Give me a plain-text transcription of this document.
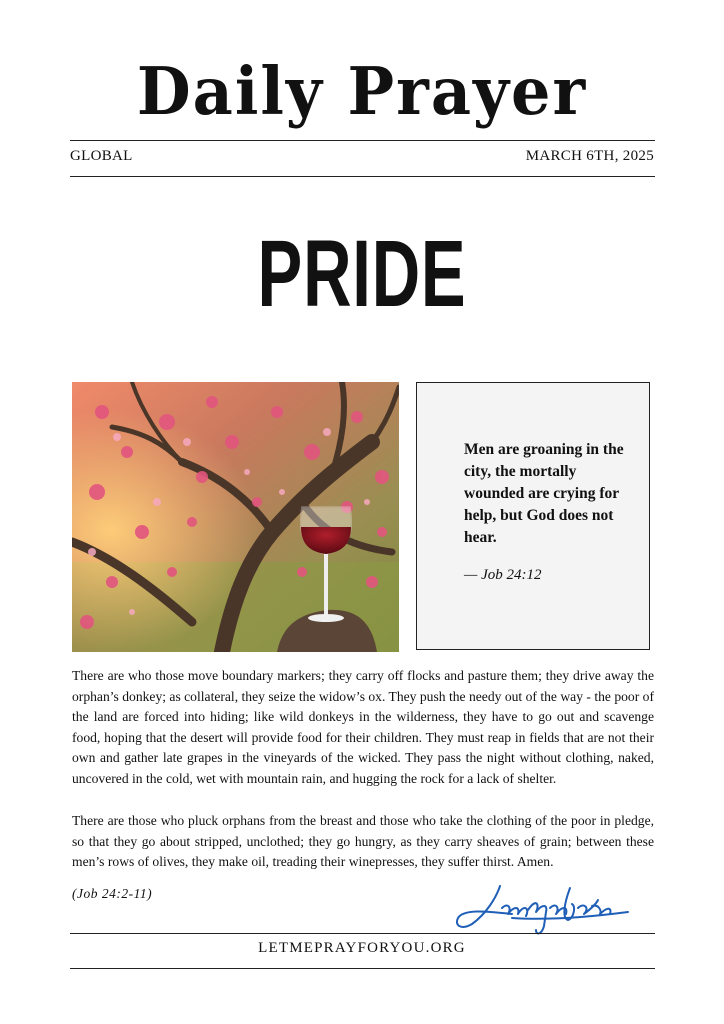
Daily Prayer
GLOBAL	MARCH 6TH, 2025
PRIDE
Men are groaning in the city, the mortally wounded are crying for help, but God does not hear.
— Job 24:12

There are who those move boundary markers; they carry off flocks and pasture them; they drive away the orphan’s donkey; as collateral, they seize the widow’s ox. They push the needy out of the way - the poor of the land are forced into hiding; like wild donkeys in the wilderness, they have to go out and scavenge food, hoping that the desert will provide food for their children. They must reap in fields that are not their own and gather late grapes in the vineyards of the wicked. They pass the night without clothing, naked, uncovered in the cold, wet with mountain rain, and hugging the rock for a lack of shelter.

There are those who pluck orphans from the breast and those who take the clothing of the poor in pledge, so that they go about stripped, unclothed; they go hungry, as they carry sheaves of grain; between these men’s rows of olives, they make oil, treading their winepresses, they suffer thirst. Amen.

(Job 24:2-11)
LETMEPRAYFORYOU.ORG
